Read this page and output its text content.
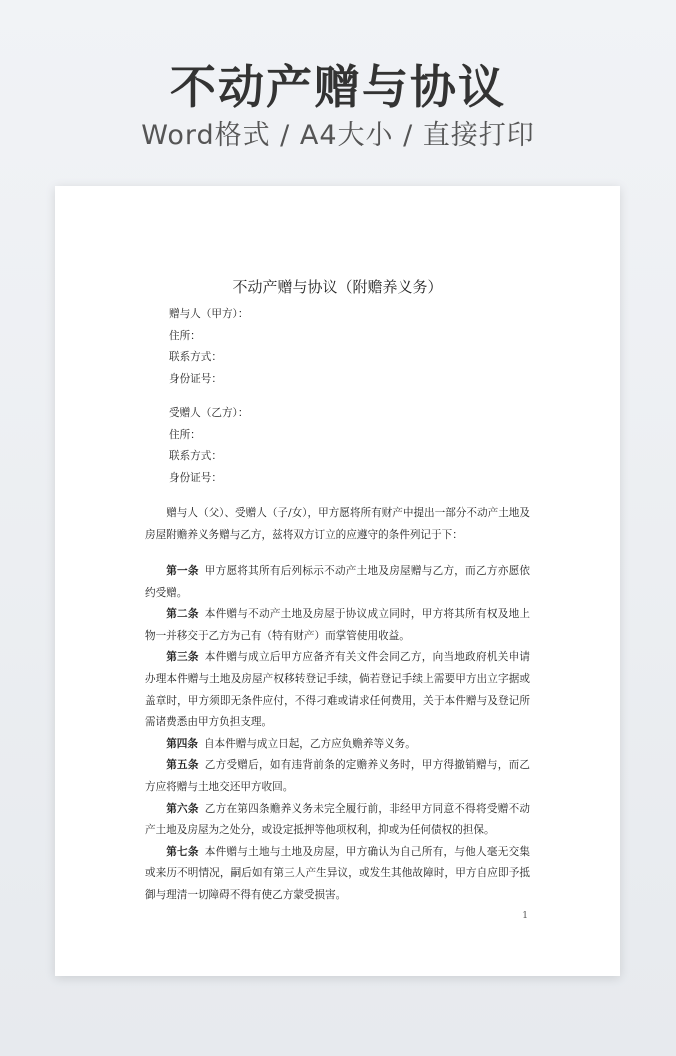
不动产赠与协议
Word格式 / A4大小 / 直接打印
不动产赠与协议（附赡养义务）
赠与人（甲方）：
住所：
联系方式：
身份证号：
受赠人（乙方）：
住所：
联系方式：
身份证号：

赠与人（父）、受赠人（子/女），甲方愿将所有财产中提出一部分不动产土地及房屋附赡养义务赠与乙方，兹将双方订立的应遵守的条件列记于下：

第一条 甲方愿将其所有后列标示不动产土地及房屋赠与乙方，而乙方亦愿依约受赠。

第二条 本件赠与不动产土地及房屋于协议成立同时，甲方将其所有权及地上物一并移交于乙方为己有（特有财产）而掌管使用收益。

第三条 本件赠与成立后甲方应备齐有关文件会同乙方，向当地政府机关申请办理本件赠与土地及房屋产权移转登记手续，倘若登记手续上需要甲方出立字据或盖章时，甲方须即无条件应付，不得刁难或请求任何费用，关于本件赠与及登记所需诸费悉由甲方负担支理。

第四条 自本件赠与成立日起，乙方应负赡养等义务。

第五条 乙方受赠后，如有违背前条的定赡养义务时，甲方得撤销赠与，而乙方应将赠与土地交还甲方收回。

第六条 乙方在第四条赡养义务未完全履行前，非经甲方同意不得将受赠不动产土地及房屋为之处分，或设定抵押等他项权利，抑或为任何债权的担保。

第七条 本件赠与土地与土地及房屋，甲方确认为自己所有，与他人毫无交集或来历不明情况，嗣后如有第三人产生异议，或发生其他故障时，甲方自应即予抵御与理清一切障碍不得有使乙方蒙受损害。

1
